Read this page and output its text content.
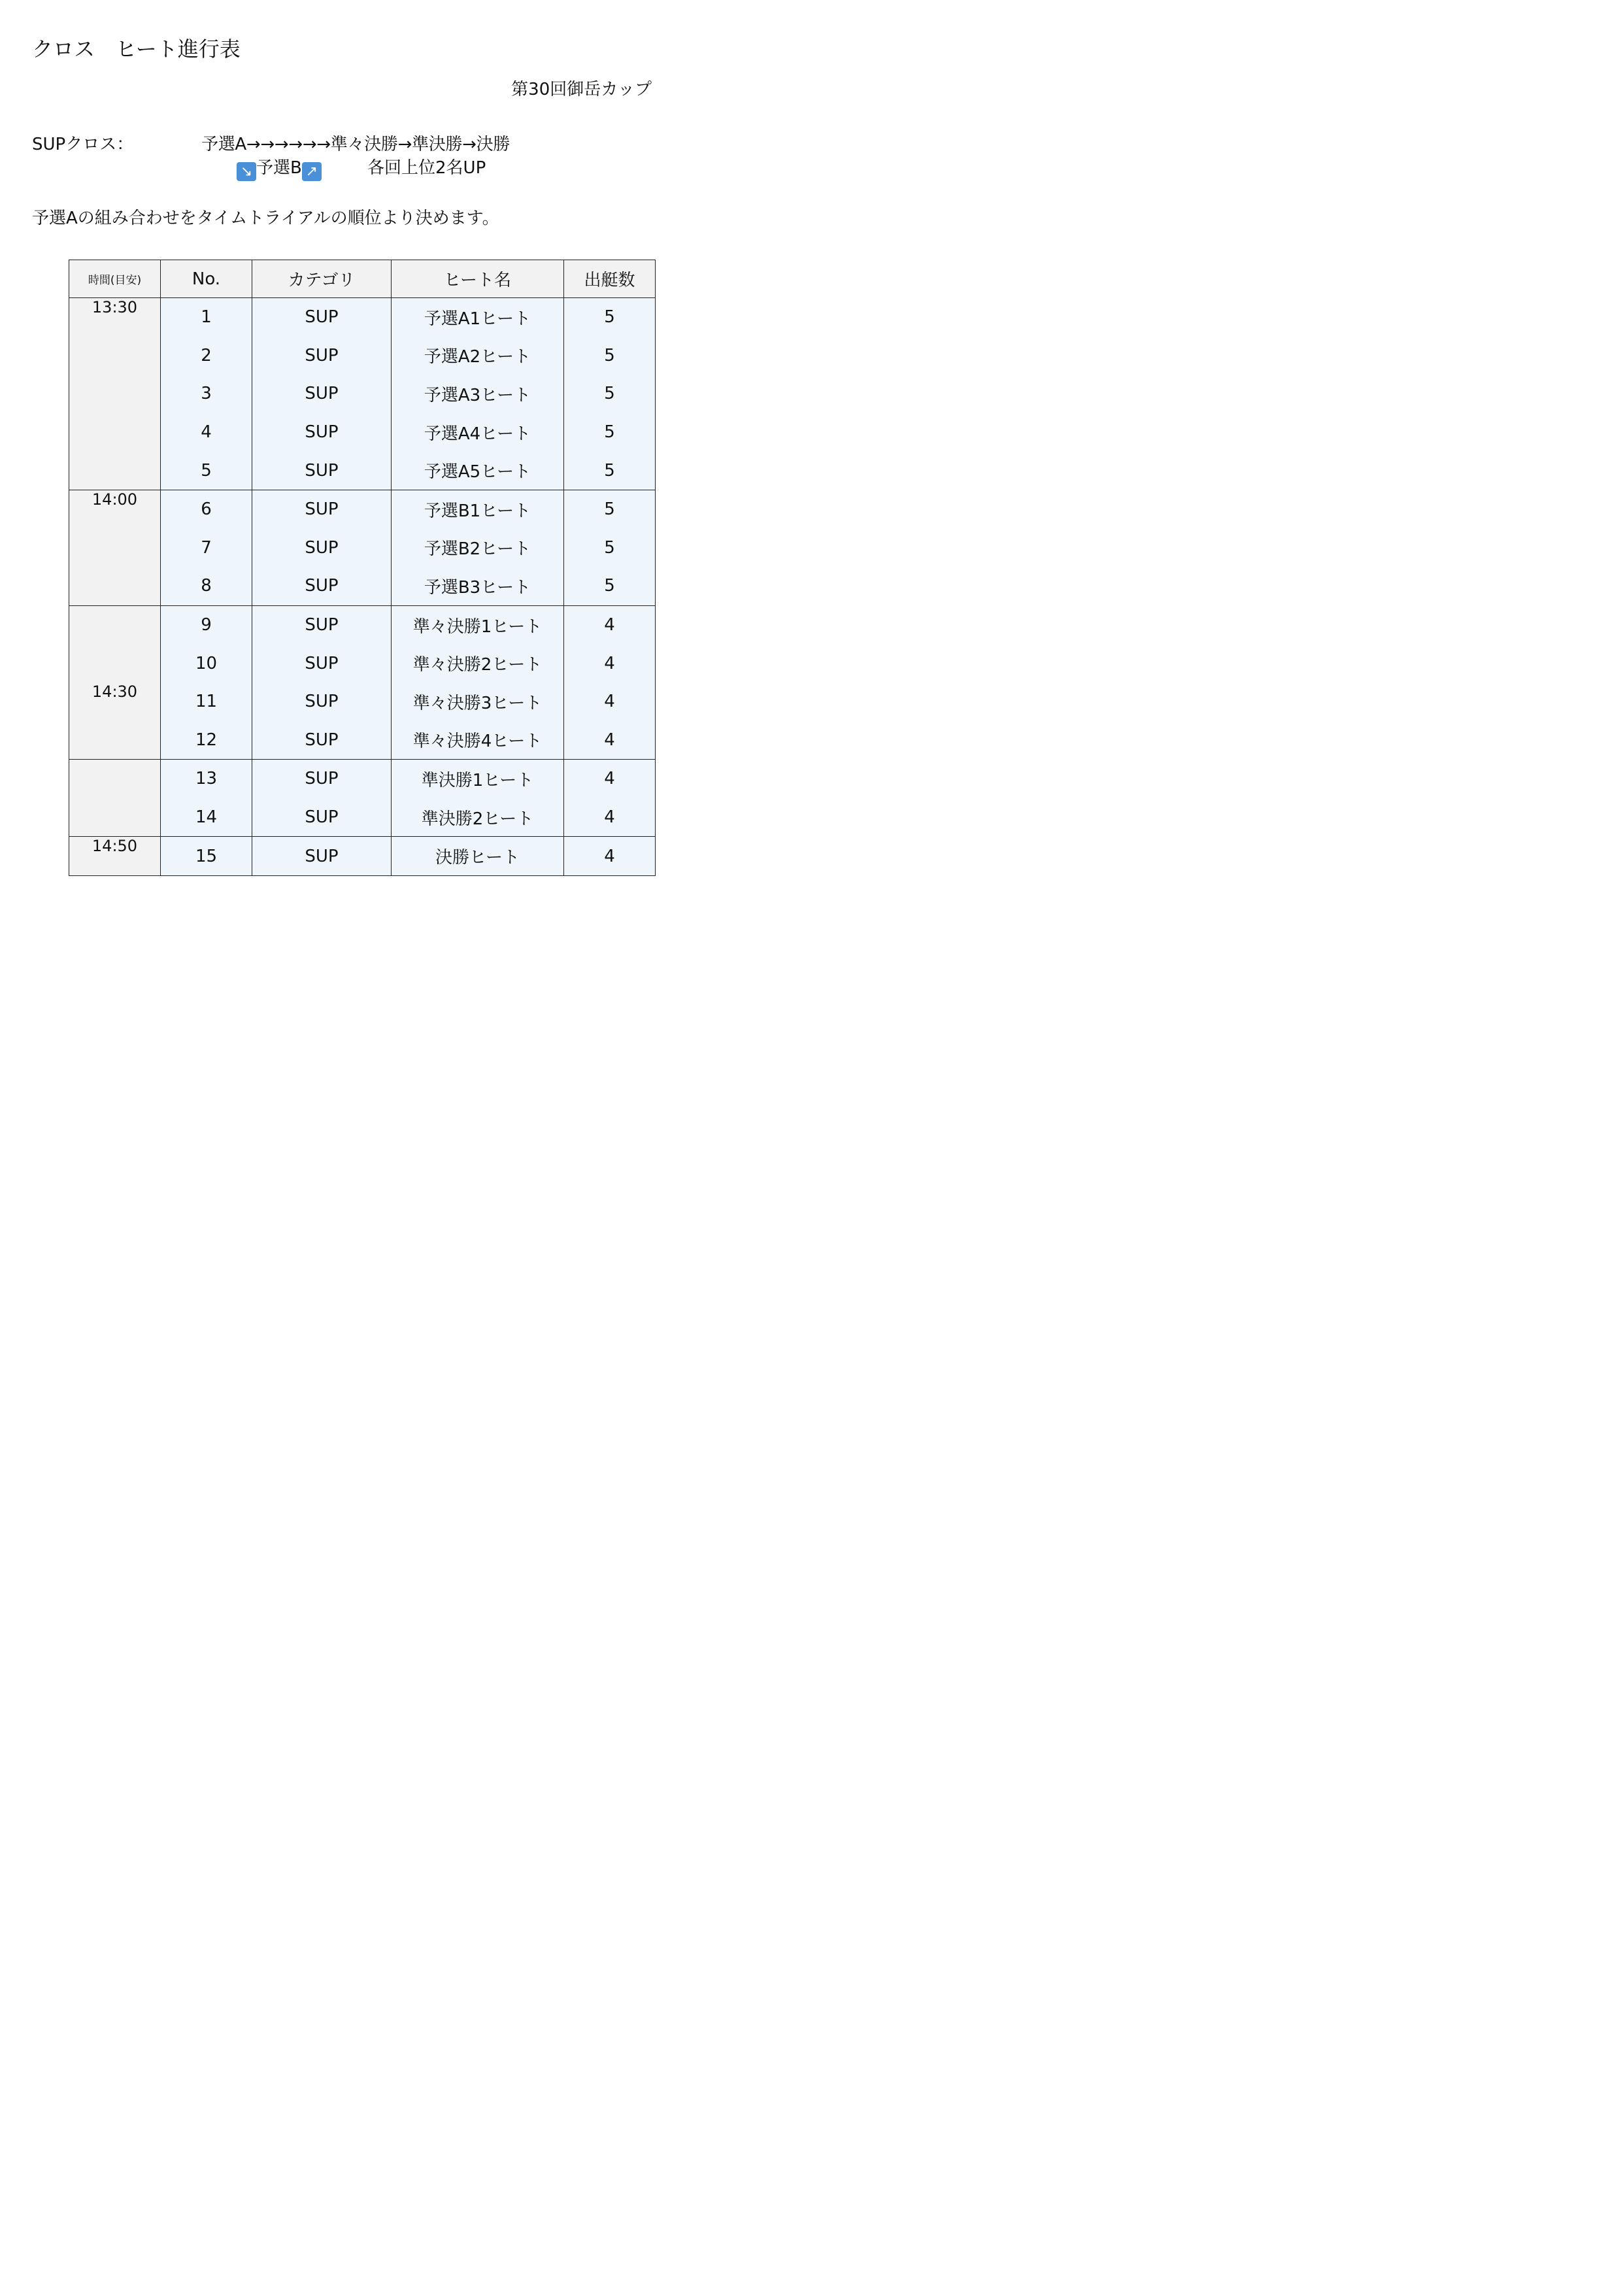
クロス　ヒート進行表
第30回御岳カップ
SUPクロス：	予選A→→→→→→準々決勝→準決勝→決勝
↘ 予選B ↗	各回上位2名UP
予選Aの組み合わせをタイムトライアルの順位より決めます。
時間(目安)	No.	カテゴリ	ヒート名	出艇数
13:30	1	SUP	予選A1ヒート	5
	2	SUP	予選A2ヒート	5
	3	SUP	予選A3ヒート	5
	4	SUP	予選A4ヒート	5
	5	SUP	予選A5ヒート	5
14:00	6	SUP	予選B1ヒート	5
	7	SUP	予選B2ヒート	5
	8	SUP	予選B3ヒート	5
	9	SUP	準々決勝1ヒート	4
	10	SUP	準々決勝2ヒート	4
14:30	11	SUP	準々決勝3ヒート	4
	12	SUP	準々決勝4ヒート	4
	13	SUP	準決勝1ヒート	4
	14	SUP	準決勝2ヒート	4
14:50	15	SUP	決勝ヒート	4
